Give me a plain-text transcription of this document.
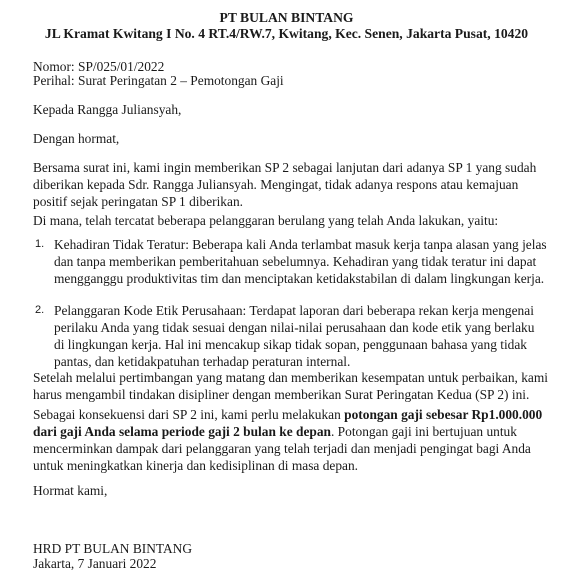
PT BULAN BINTANG
JL Kramat Kwitang I No. 4 RT.4/RW.7, Kwitang, Kec. Senen, Jakarta Pusat, 10420

Nomor: SP/025/01/2022

Perihal: Surat Peringatan 2 – Pemotongan Gaji

Kepada Rangga Juliansyah,

Dengan hormat,

Bersama surat ini, kami ingin memberikan SP 2 sebagai lanjutan dari adanya SP 1 yang sudah diberikan kepada Sdr. Rangga Juliansyah. Mengingat, tidak adanya respons atau kemajuan positif sejak peringatan SP 1 diberikan.

Di mana, telah tercatat beberapa pelanggaran berulang yang telah Anda lakukan, yaitu:

1. Kehadiran Tidak Teratur: Beberapa kali Anda terlambat masuk kerja tanpa alasan yang jelas dan tanpa memberikan pemberitahuan sebelumnya. Kehadiran yang tidak teratur ini dapat mengganggu produktivitas tim dan menciptakan ketidakstabilan di dalam lingkungan kerja.
2. Pelanggaran Kode Etik Perusahaan: Terdapat laporan dari beberapa rekan kerja mengenai perilaku Anda yang tidak sesuai dengan nilai-nilai perusahaan dan kode etik yang berlaku di lingkungan kerja. Hal ini mencakup sikap tidak sopan, penggunaan bahasa yang tidak pantas, dan ketidakpatuhan terhadap peraturan internal.

Setelah melalui pertimbangan yang matang dan memberikan kesempatan untuk perbaikan, kami harus mengambil tindakan disipliner dengan memberikan Surat Peringatan Kedua (SP 2) ini.

Sebagai konsekuensi dari SP 2 ini, kami perlu melakukan potongan gaji sebesar Rp1.000.000 dari gaji Anda selama periode gaji 2 bulan ke depan. Potongan gaji ini bertujuan untuk mencerminkan dampak dari pelanggaran yang telah terjadi dan menjadi pengingat bagi Anda untuk meningkatkan kinerja dan kedisiplinan di masa depan.

Hormat kami,

HRD PT BULAN BINTANG

Jakarta, 7 Januari 2022
